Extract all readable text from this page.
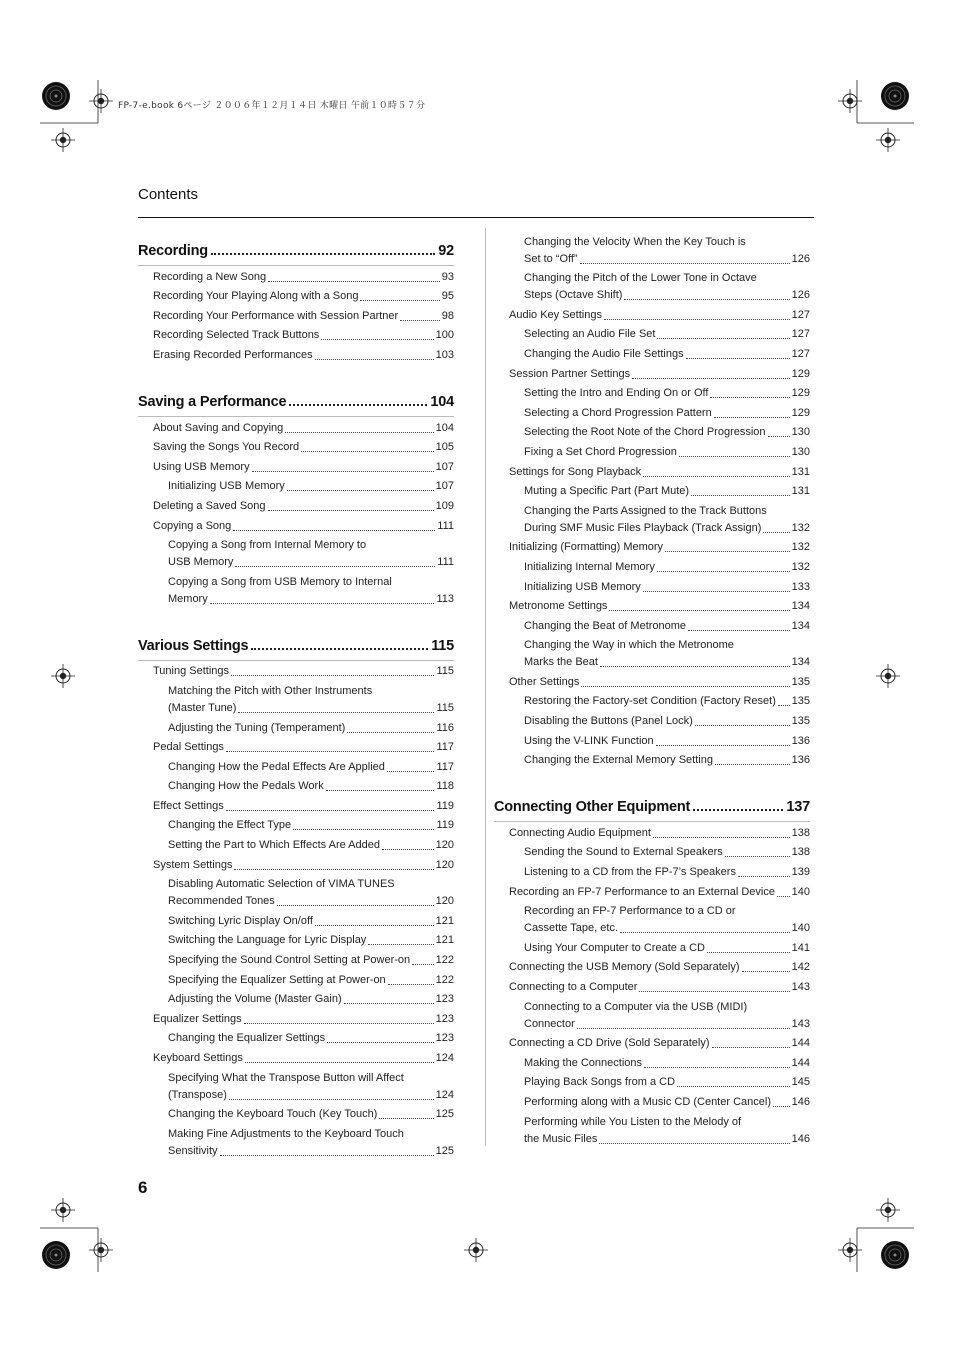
FP-7-e.book 6ページ ２００６年１２月１４日 木曜日 午前１０時５７分
Contents
Recording	92
Recording a New Song	93
Recording Your Playing Along with a Song	95
Recording Your Performance with Session Partner	98
Recording Selected Track Buttons	100
Erasing Recorded Performances	103
Saving a Performance	104
About Saving and Copying	104
Saving the Songs You Record	105
Using USB Memory	107
Initializing USB Memory	107
Deleting a Saved Song	109
Copying a Song	111
Copying a Song from Internal Memory to
USB Memory	111
Copying a Song from USB Memory to Internal
Memory	113
Various Settings	115
Tuning Settings	115
Matching the Pitch with Other Instruments
(Master Tune)	115
Adjusting the Tuning (Temperament)	116
Pedal Settings	117
Changing How the Pedal Effects Are Applied	117
Changing How the Pedals Work	118
Effect Settings	119
Changing the Effect Type	119
Setting the Part to Which Effects Are Added	120
System Settings	120
Disabling Automatic Selection of VIMA TUNES
Recommended Tones	120
Switching Lyric Display On/off	121
Switching the Language for Lyric Display	121
Specifying the Sound Control Setting at Power-on 122
Specifying the Equalizer Setting at Power-on	122
Adjusting the Volume (Master Gain)	123
Equalizer Settings	123
Changing the Equalizer Settings	123
Keyboard Settings	124
Specifying What the Transpose Button will Affect
(Transpose)	124
Changing the Keyboard Touch (Key Touch)	125
Making Fine Adjustments to the Keyboard Touch
Sensitivity	125
Changing the Velocity When the Key Touch is
Set to “Off”	126
Changing the Pitch of the Lower Tone in Octave
Steps (Octave Shift)	126
Audio Key Settings	127
Selecting an Audio File Set	127
Changing the Audio File Settings	127
Session Partner Settings	129
Setting the Intro and Ending On or Off	129
Selecting a Chord Progression Pattern	129
Selecting the Root Note of the Chord Progression 130
Fixing a Set Chord Progression	130
Settings for Song Playback	131
Muting a Specific Part (Part Mute)	131
Changing the Parts Assigned to the Track Buttons
During SMF Music Files Playback (Track Assign)	132
Initializing (Formatting) Memory	132
Initializing Internal Memory	132
Initializing USB Memory	133
Metronome Settings	134
Changing the Beat of Metronome	134
Changing the Way in which the Metronome
Marks the Beat	134
Other Settings	135
Restoring the Factory-set Condition (Factory Reset) 135
Disabling the Buttons (Panel Lock)	135
Using the V-LINK Function	136
Changing the External Memory Setting	136
Connecting Other Equipment	137
Connecting Audio Equipment	138
Sending the Sound to External Speakers	138
Listening to a CD from the FP-7’s Speakers	139
Recording an FP-7 Performance to an External Device 140
Recording an FP-7 Performance to a CD or
Cassette Tape, etc.	140
Using Your Computer to Create a CD	141
Connecting the USB Memory (Sold Separately)	142
Connecting to a Computer	143
Connecting to a Computer via the USB (MIDI)
Connector	143
Connecting a CD Drive (Sold Separately)	144
Making the Connections	144
Playing Back Songs from a CD	145
Performing along with a Music CD (Center Cancel) 146
Performing while You Listen to the Melody of
the Music Files	146
6
